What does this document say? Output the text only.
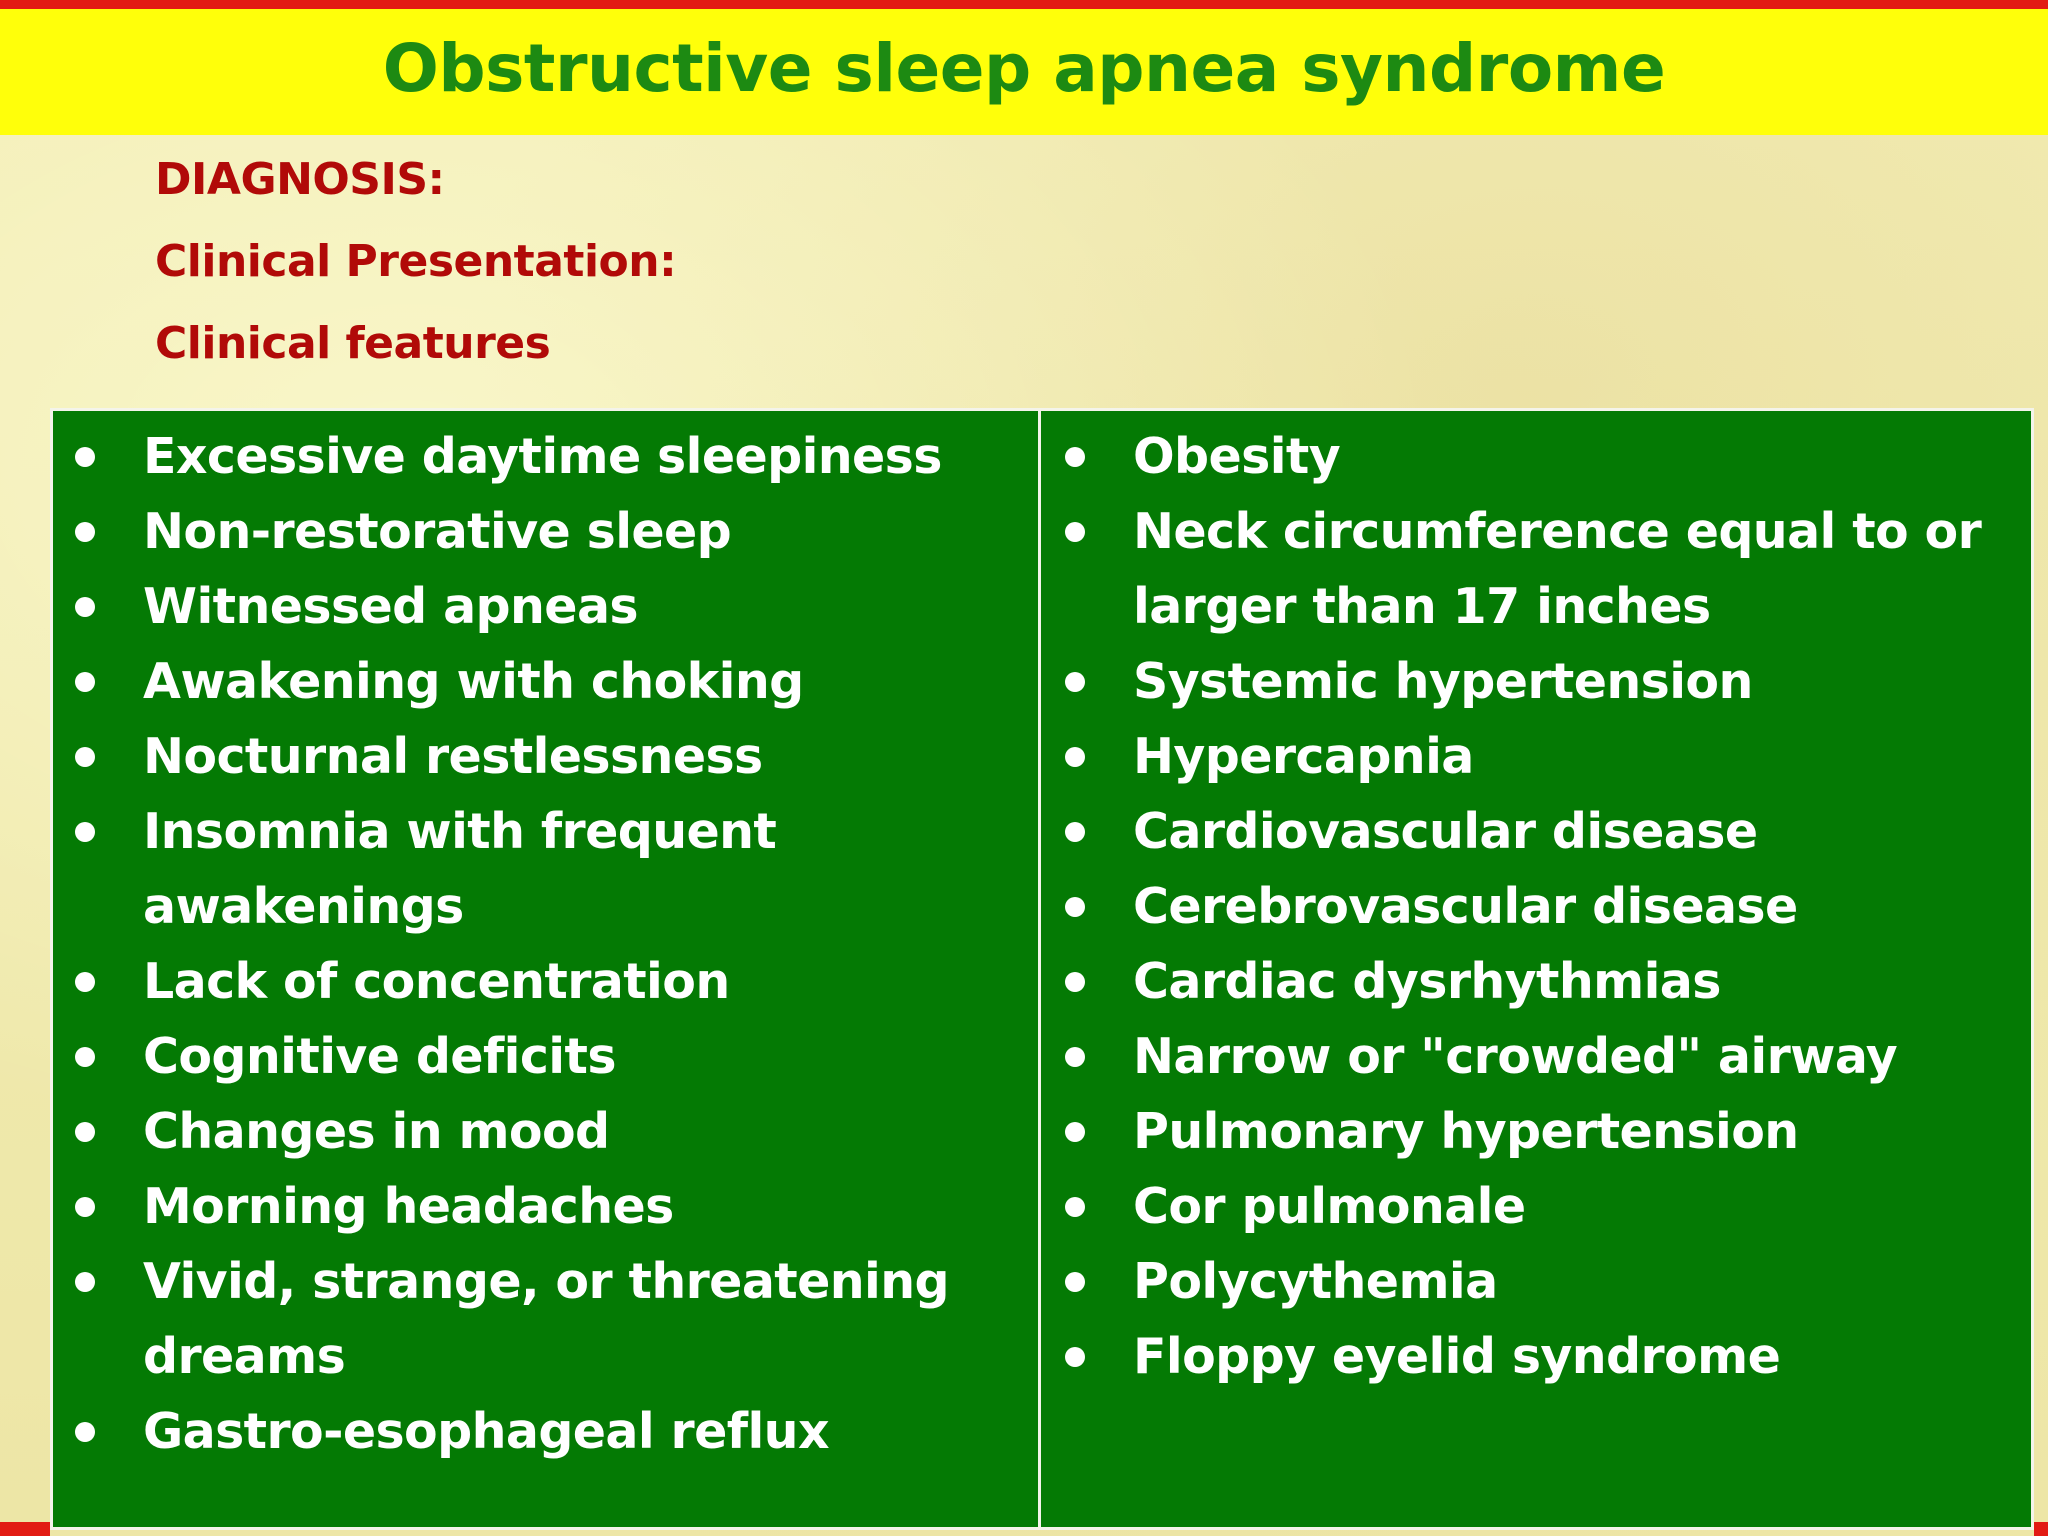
Obstructive sleep apnea syndrome
DIAGNOSIS:
Clinical Presentation:
Clinical features
Excessive daytime sleepiness
Non-restorative sleep
Witnessed apneas
Awakening with choking
Nocturnal restlessness
Insomnia with frequent
awakenings
Lack of concentration
Cognitive deficits
Changes in mood
Morning headaches
Vivid, strange, or threatening
dreams
Gastro-esophageal reflux
Obesity
Neck circumference equal to or
larger than 17 inches
Systemic hypertension
Hypercapnia
Cardiovascular disease
Cerebrovascular disease
Cardiac dysrhythmias
Narrow or "crowded" airway
Pulmonary hypertension
Cor pulmonale
Polycythemia
Floppy eyelid syndrome
